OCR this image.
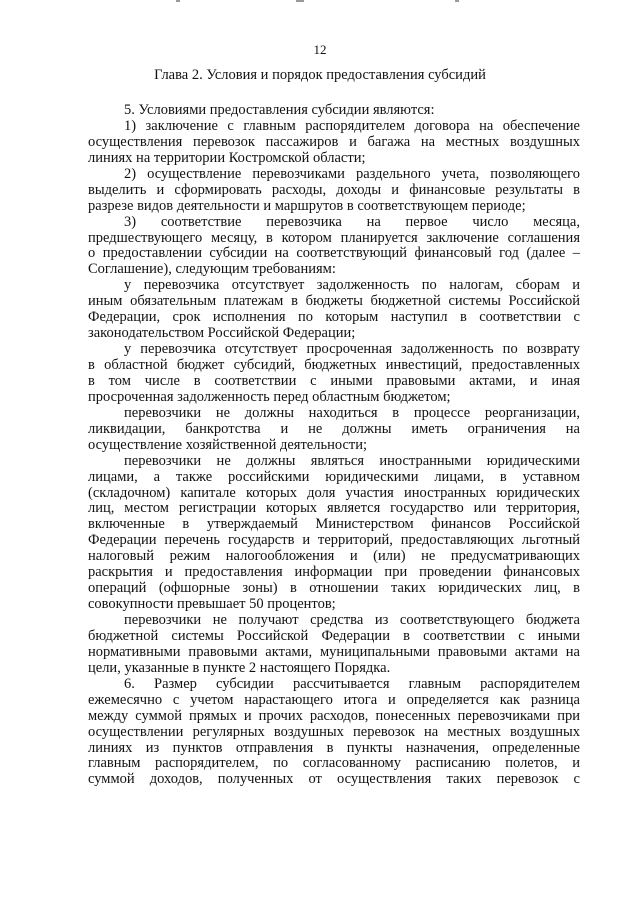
12
Глава 2. Условия и порядок предоставления субсидий
5. Условиями предоставления субсидии являются:
1) заключение с главным распорядителем договора на обеспечение
осуществления перевозок пассажиров и багажа на местных воздушных
линиях на территории Костромской области;
2) осуществление перевозчиками раздельного учета, позволяющего
выделить и сформировать расходы, доходы и финансовые результаты в
разрезе видов деятельности и маршрутов в соответствующем периоде;
3) соответствие перевозчика на первое число месяца,
предшествующего месяцу, в котором планируется заключение соглашения
о предоставлении субсидии на соответствующий финансовый год (далее –
Соглашение), следующим требованиям:
у перевозчика отсутствует задолженность по налогам, сборам и
иным обязательным платежам в бюджеты бюджетной системы Российской
Федерации, срок исполнения по которым наступил в соответствии с
законодательством Российской Федерации;
у перевозчика отсутствует просроченная задолженность по возврату
в областной бюджет субсидий, бюджетных инвестиций, предоставленных
в том числе в соответствии с иными правовыми актами, и иная
просроченная задолженность перед областным бюджетом;
перевозчики не должны находиться в процессе реорганизации,
ликвидации, банкротства и не должны иметь ограничения на
осуществление хозяйственной деятельности;
перевозчики не должны являться иностранными юридическими
лицами, а также российскими юридическими лицами, в уставном
(складочном) капитале которых доля участия иностранных юридических
лиц, местом регистрации которых является государство или территория,
включенные в утверждаемый Министерством финансов Российской
Федерации перечень государств и территорий, предоставляющих льготный
налоговый режим налогообложения и (или) не предусматривающих
раскрытия и предоставления информации при проведении финансовых
операций (офшорные зоны) в отношении таких юридических лиц, в
совокупности превышает 50 процентов;
перевозчики не получают средства из соответствующего бюджета
бюджетной системы Российской Федерации в соответствии с иными
нормативными правовыми актами, муниципальными правовыми актами на
цели, указанные в пункте 2 настоящего Порядка.
6. Размер субсидии рассчитывается главным распорядителем
ежемесячно с учетом нарастающего итога и определяется как разница
между суммой прямых и прочих расходов, понесенных перевозчиками при
осуществлении регулярных воздушных перевозок на местных воздушных
линиях из пунктов отправления в пункты назначения, определенные
главным распорядителем, по согласованному расписанию полетов, и
суммой доходов, полученных от осуществления таких перевозок с
